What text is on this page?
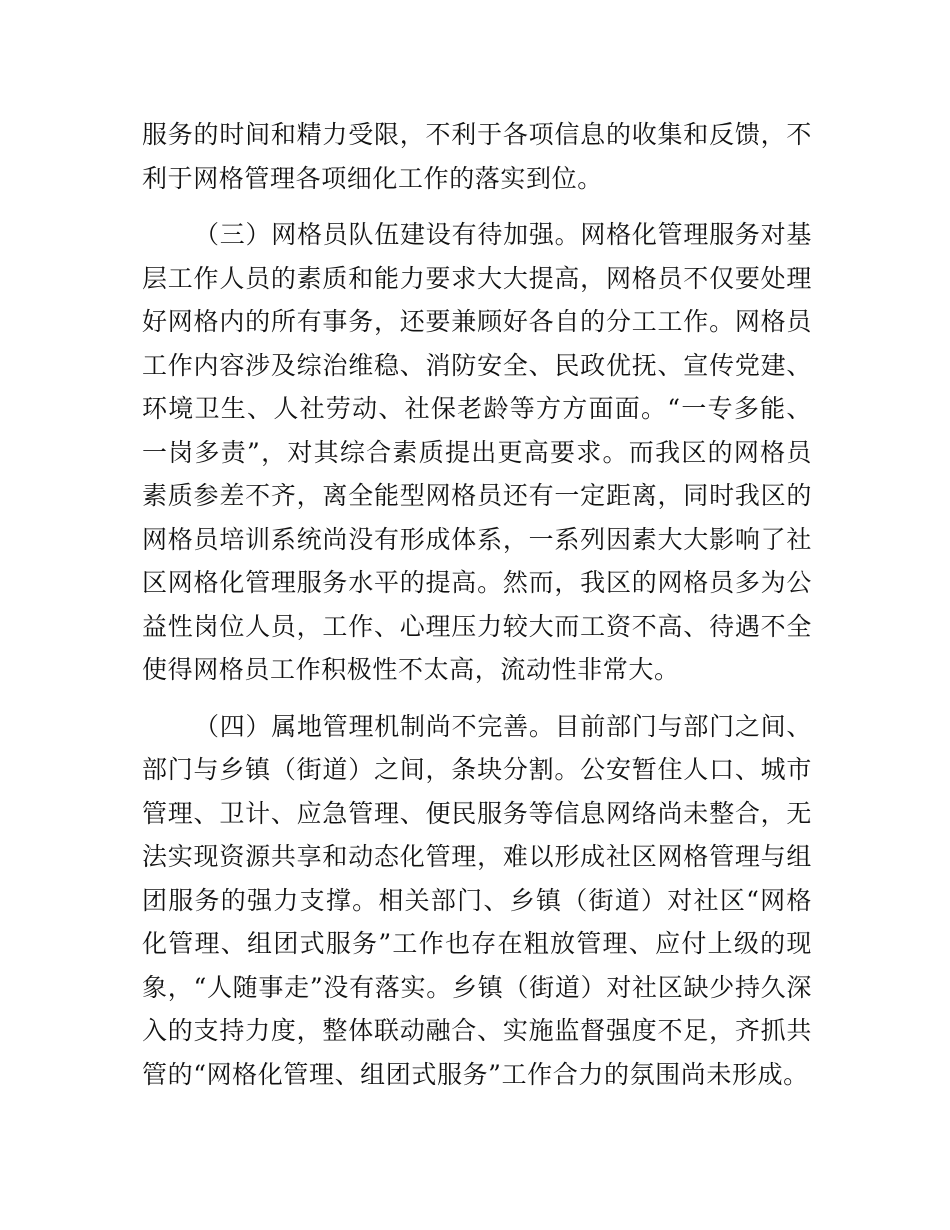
服务的时间和精力受限，不利于各项信息的收集和反馈，不利于网格管理各项细化工作的落实到位。

（三）网格员队伍建设有待加强。网格化管理服务对基层工作人员的素质和能力要求大大提高，网格员不仅要处理好网格内的所有事务，还要兼顾好各自的分工工作。网格员工作内容涉及综治维稳、消防安全、民政优抚、宣传党建、环境卫生、人社劳动、社保老龄等方方面面。“一专多能、一岗多责”，对其综合素质提出更高要求。而我区的网格员素质参差不齐，离全能型网格员还有一定距离，同时我区的网格员培训系统尚没有形成体系，一系列因素大大影响了社区网格化管理服务水平的提高。然而，我区的网格员多为公益性岗位人员，工作、心理压力较大而工资不高、待遇不全使得网格员工作积极性不太高，流动性非常大。

（四）属地管理机制尚不完善。目前部门与部门之间、部门与乡镇（街道）之间，条块分割。公安暂住人口、城市管理、卫计、应急管理、便民服务等信息网络尚未整合，无法实现资源共享和动态化管理，难以形成社区网格管理与组团服务的强力支撑。相关部门、乡镇（街道）对社区“网格化管理、组团式服务”工作也存在粗放管理、应付上级的现象，“人随事走”没有落实。乡镇（街道）对社区缺少持久深入的支持力度，整体联动融合、实施监督强度不足，齐抓共管的“网格化管理、组团式服务”工作合力的氛围尚未形成。
